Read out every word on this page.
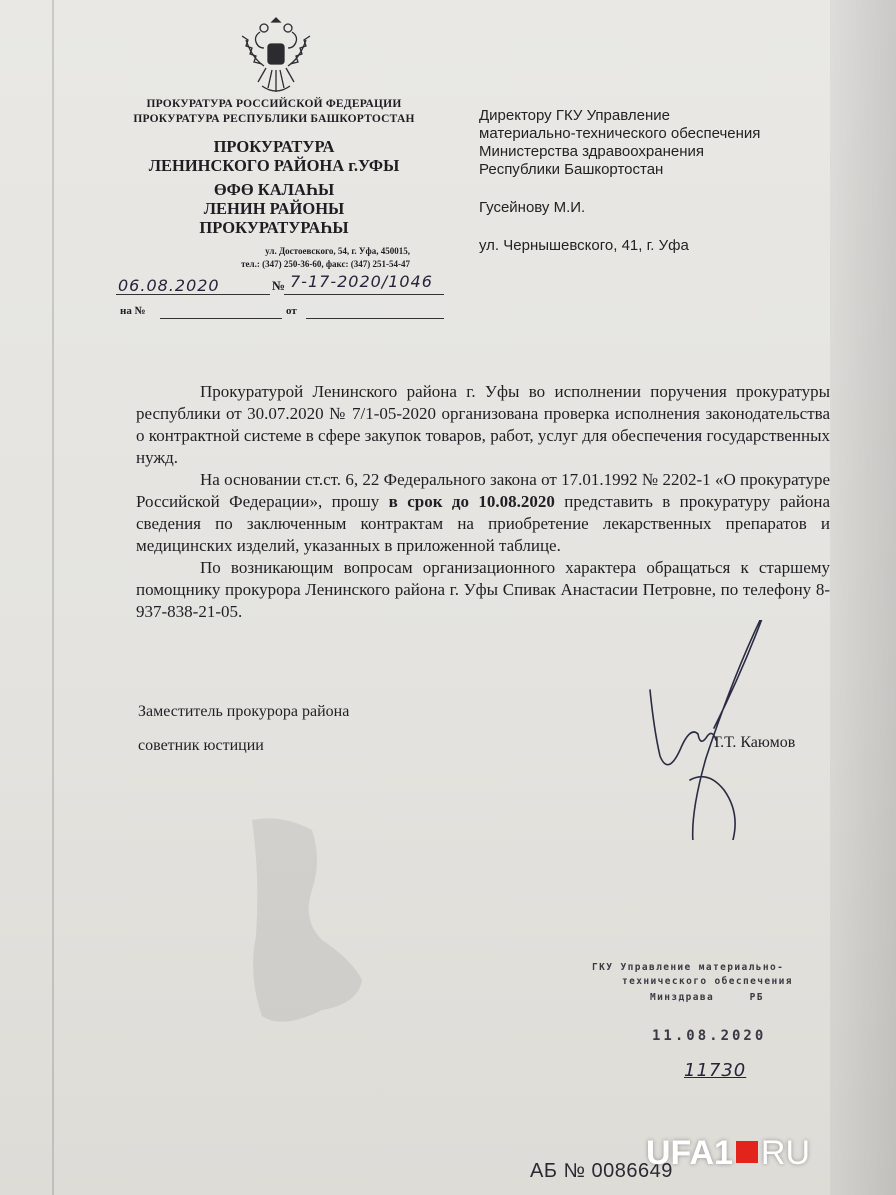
ПРОКУРАТУРА РОССИЙСКОЙ ФЕДЕРАЦИИ
ПРОКУРАТУРА РЕСПУБЛИКИ БАШКОРТОСТАН
ПРОКУРАТУРА
ЛЕНИНСКОГО РАЙОНА г.УФЫ
ӨФӨ КАЛАҺЫ
ЛЕНИН РАЙОНЫ
ПРОКУРАТУРАҺЫ
ул. Достоевского, 54, г. Уфа, 450015,
тел.: (347) 250-36-60, факс: (347) 251-54-47
06.08.2020	№ 7-17-2020/1046
на №	от
Директору ГКУ Управление
материально-технического обеспечения
Министерства здравоохранения
Республики Башкортостан
Гусейнову М.И.
ул. Чернышевского, 41, г. Уфа

Прокуратурой Ленинского района г. Уфы во исполнении поручения прокуратуры республики от 30.07.2020 № 7/1-05-2020 организована проверка исполнения законодательства о контрактной системе в сфере закупок товаров, работ, услуг для обеспечения государственных нужд.

На основании ст.ст. 6, 22 Федерального закона от 17.01.1992 № 2202-1 «О прокуратуре Российской Федерации», прошу в срок до 10.08.2020 представить в прокуратуру района сведения по заключенным контрактам на приобретение лекарственных препаратов и медицинских изделий, указанных в приложенной таблице.

По возникающим вопросам организационного характера обращаться к старшему помощнику прокурора Ленинского района г. Уфы Спивак Анастасии Петровне, по телефону 8-937-838-21-05.

Заместитель прокурора района
советник юстиции	Т.Т. Каюмов
ГКУ Управление материально-
технического обеспечения
Минздрава     РБ
11.08.2020
11730
АБ № 0086649
UFA1 RU
